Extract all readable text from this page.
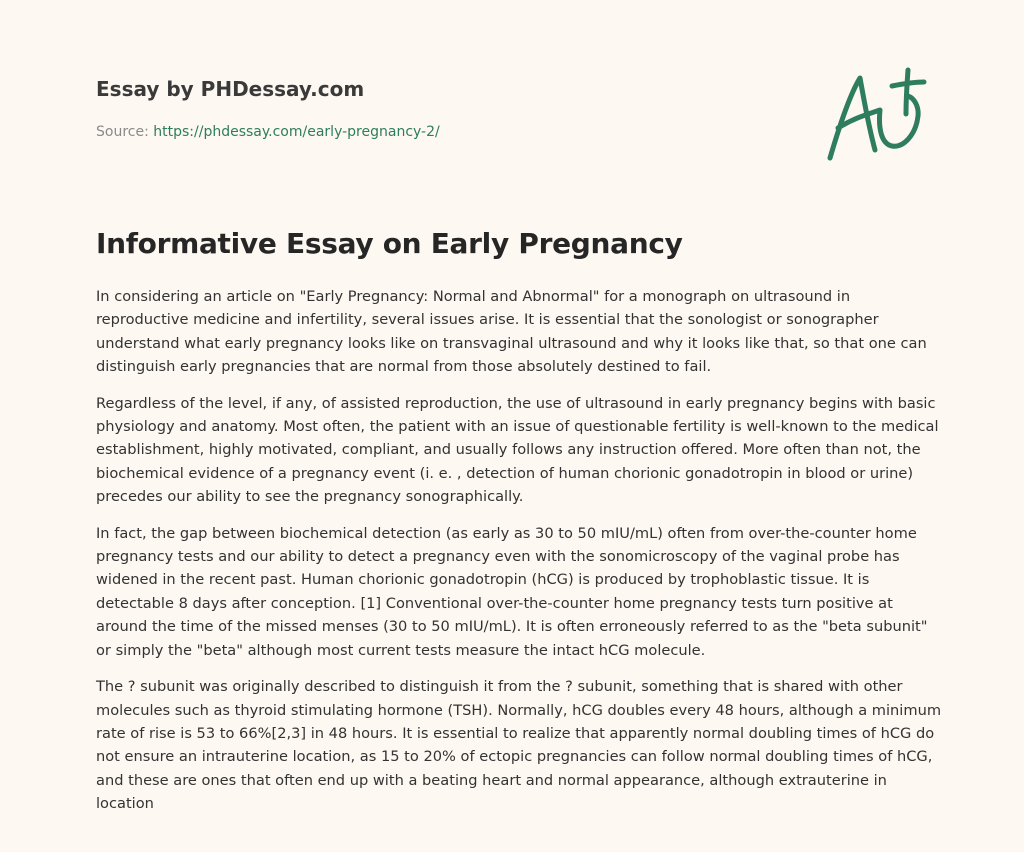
Essay by PHDessay.com
Source: https://phdessay.com/early-pregnancy-2/
Informative Essay on Early Pregnancy

In considering an article on "Early Pregnancy: Normal and Abnormal" for a monograph on ultrasound in reproductive medicine and infertility, several issues arise. It is essential that the sonologist or sonographer understand what early pregnancy looks like on transvaginal ultrasound and why it looks like that, so that one can distinguish early pregnancies that are normal from those absolutely destined to fail.

Regardless of the level, if any, of assisted reproduction, the use of ultrasound in early pregnancy begins with basic physiology and anatomy. Most often, the patient with an issue of questionable fertility is well-known to the medical establishment, highly motivated, compliant, and usually follows any instruction offered. More often than not, the biochemical evidence of a pregnancy event (i. e. , detection of human chorionic gonadotropin in blood or urine) precedes our ability to see the pregnancy sonographically.

In fact, the gap between biochemical detection (as early as 30 to 50 mIU/mL) often from over-the-counter home pregnancy tests and our ability to detect a pregnancy even with the sonomicroscopy of the vaginal probe has widened in the recent past. Human chorionic gonadotropin (hCG) is produced by trophoblastic tissue. It is detectable 8 days after conception. [1] Conventional over-the-counter home pregnancy tests turn positive at around the time of the missed menses (30 to 50 mIU/mL). It is often erroneously referred to as the "beta subunit" or simply the "beta" although most current tests measure the intact hCG molecule.

The ? subunit was originally described to distinguish it from the ? subunit, something that is shared with other molecules such as thyroid stimulating hormone (TSH). Normally, hCG doubles every 48 hours, although a minimum rate of rise is 53 to 66%[2,3] in 48 hours. It is essential to realize that apparently normal doubling times of hCG do not ensure an intrauterine location, as 15 to 20% of ectopic pregnancies can follow normal doubling times of hCG, and these are ones that often end up with a beating heart and normal appearance, although extrauterine in location
